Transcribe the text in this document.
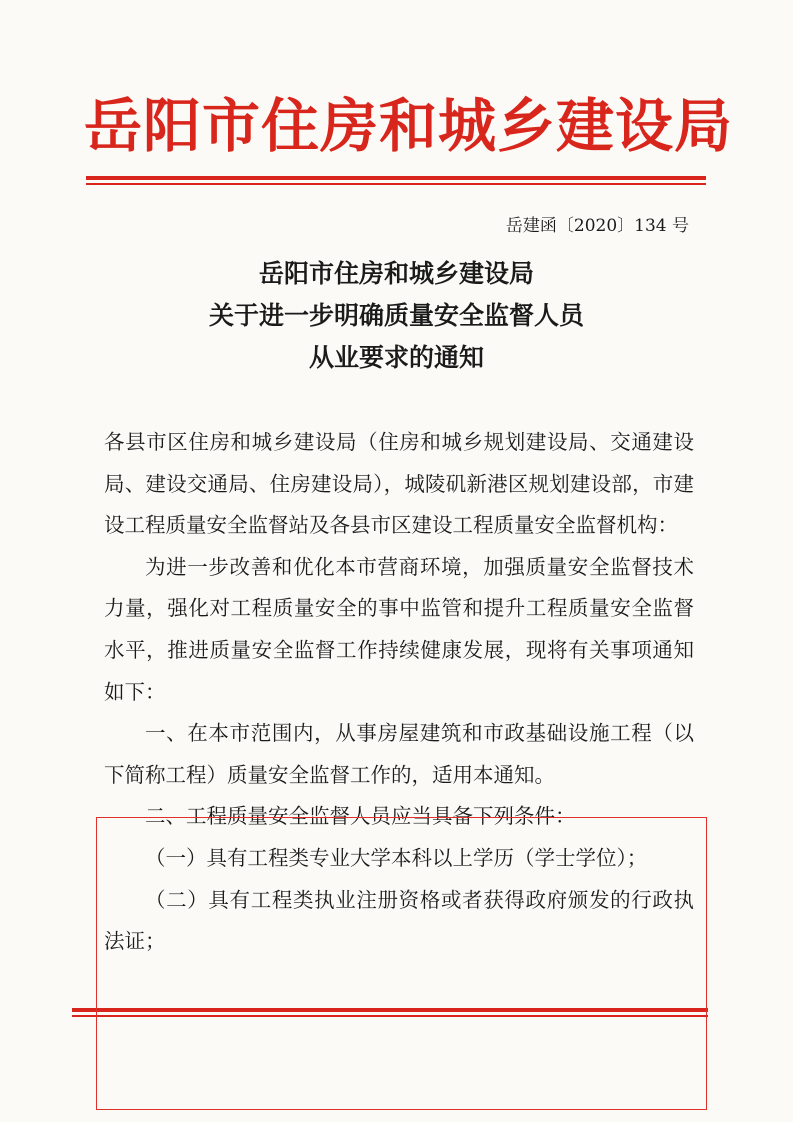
岳阳市住房和城乡建设局
岳建函〔2020〕134 号
岳阳市住房和城乡建设局
关于进一步明确质量安全监督人员
从业要求的通知

各县市区住房和城乡建设局（住房和城乡规划建设局、交通建设局、建设交通局、住房建设局），城陵矶新港区规划建设部，市建设工程质量安全监督站及各县市区建设工程质量安全监督机构：

为进一步改善和优化本市营商环境，加强质量安全监督技术力量，强化对工程质量安全的事中监管和提升工程质量安全监督水平，推进质量安全监督工作持续健康发展，现将有关事项通知如下：

一、在本市范围内，从事房屋建筑和市政基础设施工程（以下简称工程）质量安全监督工作的，适用本通知。

二、工程质量安全监督人员应当具备下列条件：

（一）具有工程类专业大学本科以上学历（学士学位）；

（二）具有工程类执业注册资格或者获得政府颁发的行政执法证；
